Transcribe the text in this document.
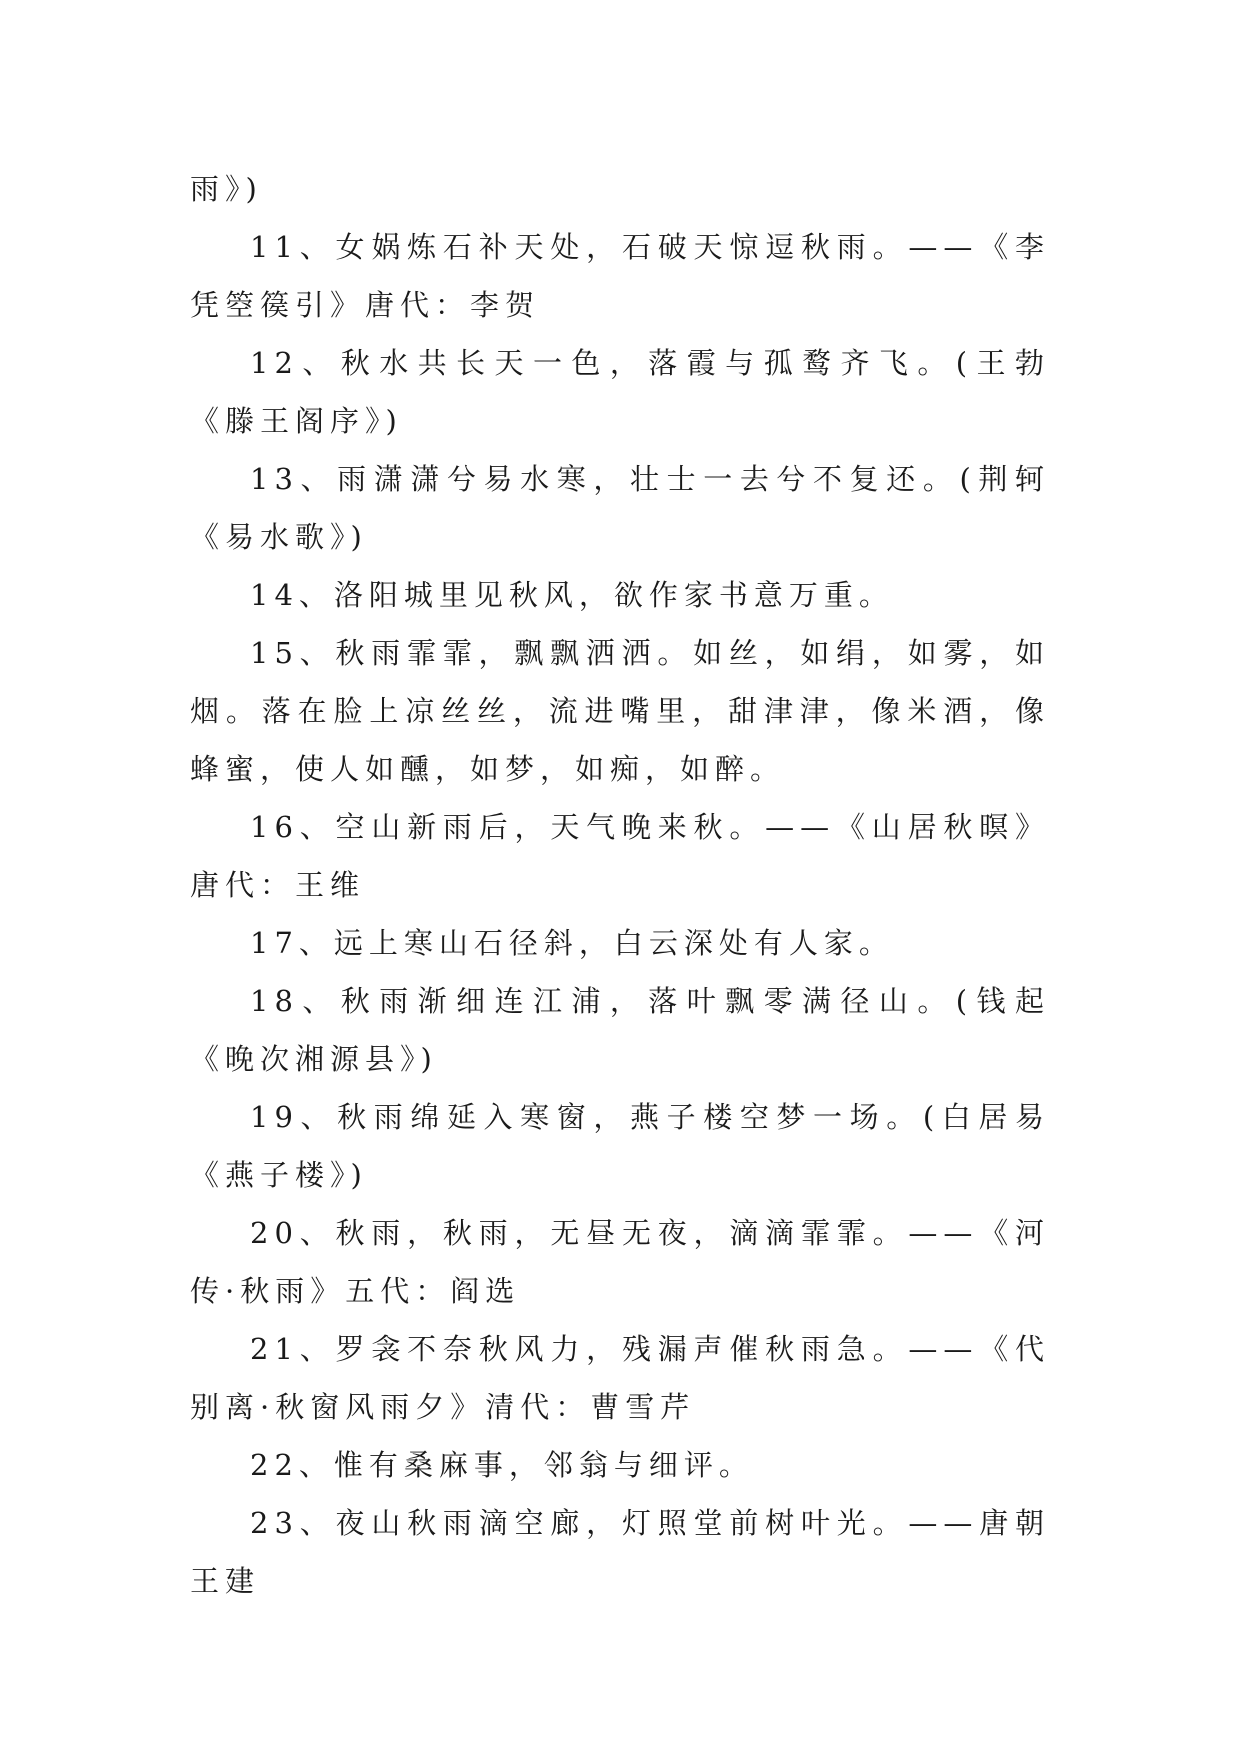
雨》)

11、女娲炼石补天处，石破天惊逗秋雨。——《李凭箜篌引》唐代：李贺

12、秋水共长天一色，落霞与孤鹜齐飞。(王勃《滕王阁序》)

13、雨潇潇兮易水寒，壮士一去兮不复还。(荆轲《易水歌》)

14、洛阳城里见秋风，欲作家书意万重。

15、秋雨霏霏，飘飘洒洒。如丝，如绢，如雾，如烟。落在脸上凉丝丝，流进嘴里，甜津津，像米酒，像蜂蜜，使人如醺，如梦，如痴，如醉。

16、空山新雨后，天气晚来秋。——《山居秋暝》唐代：王维

17、远上寒山石径斜，白云深处有人家。

18、秋雨渐细连江浦，落叶飘零满径山。(钱起《晚次湘源县》)

19、秋雨绵延入寒窗，燕子楼空梦一场。(白居易《燕子楼》)

20、秋雨，秋雨，无昼无夜，滴滴霏霏。——《河传·秋雨》五代：阎选

21、罗衾不奈秋风力，残漏声催秋雨急。——《代别离·秋窗风雨夕》清代：曹雪芹

22、惟有桑麻事，邻翁与细评。

23、夜山秋雨滴空廊，灯照堂前树叶光。——唐朝王建
